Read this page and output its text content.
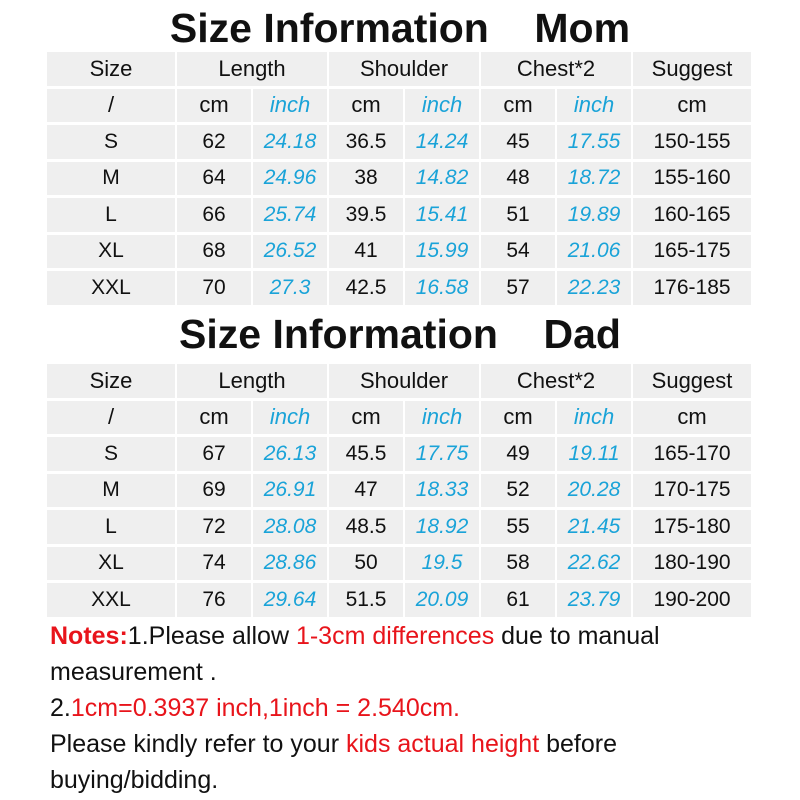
Size Information    Mom
Size	Length		Shoulder		Chest*2		Suggest
/	cm	inch	cm	inch	cm	inch	cm
S	62	24.18	36.5	14.24	45	17.55	150-155
M	64	24.96	38	14.82	48	18.72	155-160
L	66	25.74	39.5	15.41	51	19.89	160-165
XL	68	26.52	41	15.99	54	21.06	165-175
XXL	70	27.3	42.5	16.58	57	22.23	176-185
Size Information    Dad
Size	Length		Shoulder		Chest*2		Suggest
/	cm	inch	cm	inch	cm	inch	cm
S	67	26.13	45.5	17.75	49	19.11	165-170
M	69	26.91	47	18.33	52	20.28	170-175
L	72	28.08	48.5	18.92	55	21.45	175-180
XL	74	28.86	50	19.5	58	22.62	180-190
XXL	76	29.64	51.5	20.09	61	23.79	190-200

Notes:1.Please allow 1-3cm differences due to manual measurement .

2.1cm=0.3937 inch,1inch = 2.540cm.

Please kindly refer to your kids actual height before buying/bidding.
